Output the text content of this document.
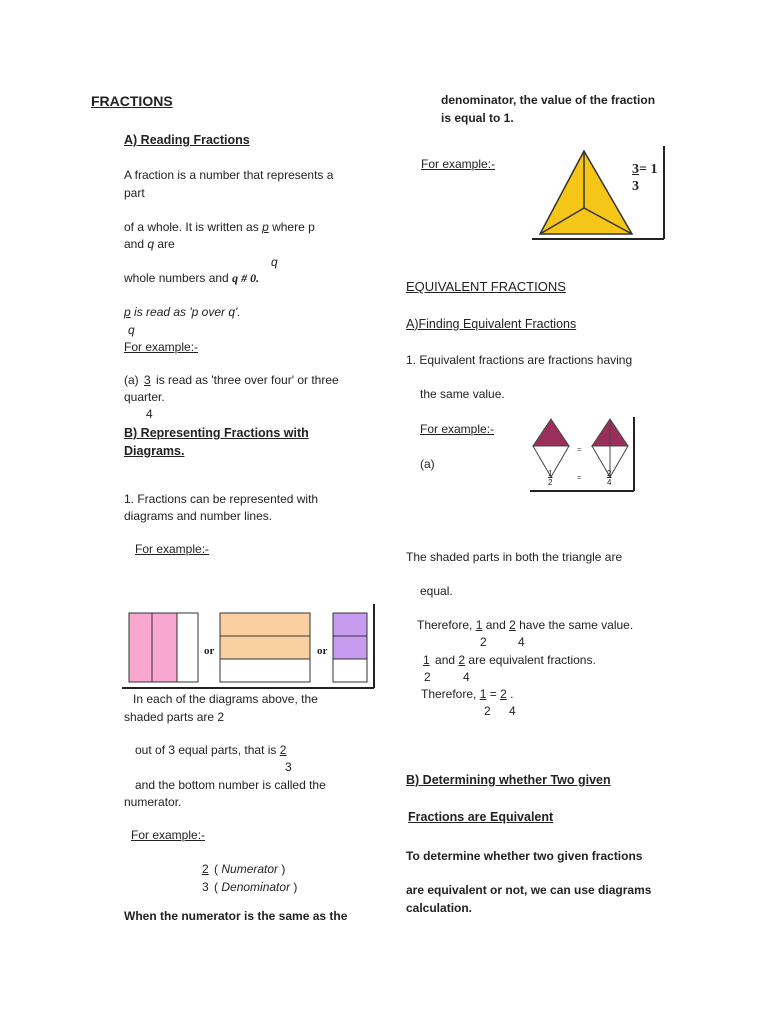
FRACTIONS
A) Reading Fractions
A fraction is a number that represents a
part
of a whole. It is written as p where p
and q are
q
whole numbers and q # 0.
p is read as 'p over q'.
q
For example:-
(a) 3 is read as 'three over four' or three
quarter.
4
B) Representing Fractions with
Diagrams.
1. Fractions can be represented with
diagrams and number lines.
For example:-
or	or
In each of the diagrams above, the
shaded parts are 2
out of 3 equal parts, that is 2
3
and the bottom number is called the
numerator.
For example:-
2 ( Numerator )
3 ( Denominator )
When the numerator is the same as the
denominator, the value of the fraction
is equal to 1.
For example:-	3= 1
3
EQUIVALENT FRACTIONS
A)Finding Equivalent Fractions
1. Equivalent fractions are fractions having
the same value.
For example:-
(a)
=
=
1
2
2
4
The shaded parts in both the triangle are
equal.
Therefore, 1 and 2 have the same value.
2	4
1 and 2 are equivalent fractions.
2	4
Therefore, 1 = 2 .
2 4
B) Determining whether Two given
Fractions are Equivalent
To determine whether two given fractions
are equivalent or not, we can use diagrams
calculation.
